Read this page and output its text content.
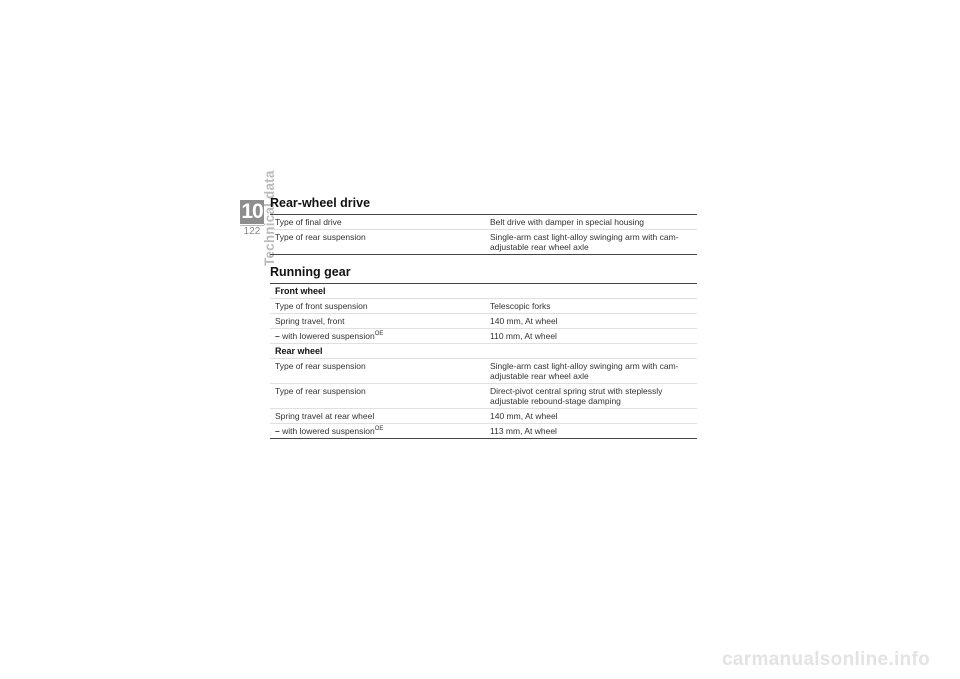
10
122 Technical data
Rear-wheel drive
Type of final drive	Belt drive with damper in special housing
Type of rear suspension	Single-arm cast light-alloy swinging arm with cam-adjustable rear wheel axle
Running gear
Front wheel	
Type of front suspension	Telescopic forks
Spring travel, front	140 mm, At wheel
– with lowered suspension$^{OE}$	110 mm, At wheel
Rear wheel	
Type of rear suspension	Single-arm cast light-alloy swinging arm with cam-adjustable rear wheel axle
Type of rear suspension	Direct-pivot central spring strut with steplessly adjustable rebound-stage damping
Spring travel at rear wheel	140 mm, At wheel
– with lowered suspension$^{OE}$	113 mm, At wheel
carmanualsonline.info
